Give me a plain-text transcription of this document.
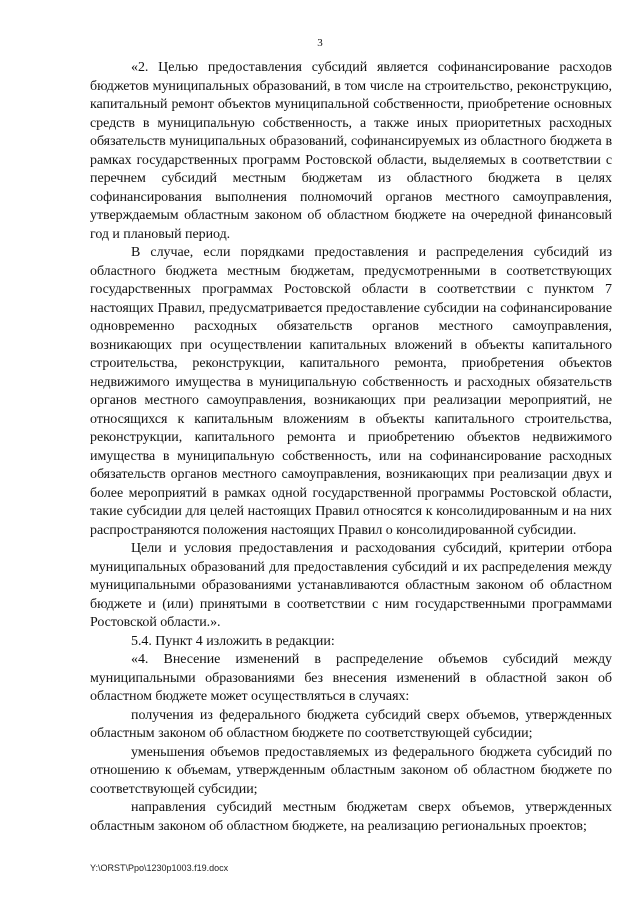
3

«2. Целью предоставления субсидий является софинансирование расходов бюджетов муниципальных образований, в том числе на строительство, реконструкцию, капитальный ремонт объектов муниципальной собственности, приобретение основных средств в муниципальную собственность, а также иных приоритетных расходных обязательств муниципальных образований, софинансируемых из областного бюджета в рамках государственных программ Ростовской области, выделяемых в соответствии с перечнем субсидий местным бюджетам из областного бюджета в целях софинансирования выполнения полномочий органов местного самоуправления, утверждаемым областным законом об областном бюджете на очередной финансовый год и плановый период.

В случае, если порядками предоставления и распределения субсидий из областного бюджета местным бюджетам, предусмотренными в соответствующих государственных программах Ростовской области в соответствии с пунктом 7 настоящих Правил, предусматривается предоставление субсидии на софинансирование одновременно расходных обязательств органов местного самоуправления, возникающих при осуществлении капитальных вложений в объекты капитального строительства, реконструкции, капитального ремонта, приобретения объектов недвижимого имущества в муниципальную собственность и расходных обязательств органов местного самоуправления, возникающих при реализации мероприятий, не относящихся к капитальным вложениям в объекты капитального строительства, реконструкции, капитального ремонта и приобретению объектов недвижимого имущества в муниципальную собственность, или на софинансирование расходных обязательств органов местного самоуправления, возникающих при реализации двух и более мероприятий в рамках одной государственной программы Ростовской области, такие субсидии для целей настоящих Правил относятся к консолидированным и на них распространяются положения настоящих Правил о консолидированной субсидии.

Цели и условия предоставления и расходования субсидий, критерии отбора муниципальных образований для предоставления субсидий и их распределения между муниципальными образованиями устанавливаются областным законом об областном бюджете и (или) принятыми в соответствии с ним государственными программами Ростовской области.».

5.4. Пункт 4 изложить в редакции:

«4. Внесение изменений в распределение объемов субсидий между муниципальными образованиями без внесения изменений в областной закон об областном бюджете может осуществляться в случаях:

получения из федерального бюджета субсидий сверх объемов, утвержденных областным законом об областном бюджете по соответствующей субсидии;

уменьшения объемов предоставляемых из федерального бюджета субсидий по отношению к объемам, утвержденным областным законом об областном бюджете по соответствующей субсидии;

направления субсидий местным бюджетам сверх объемов, утвержденных областным законом об областном бюджете, на реализацию региональных проектов;

Y:\ORST\Ppo\1230p1003.f19.docx
